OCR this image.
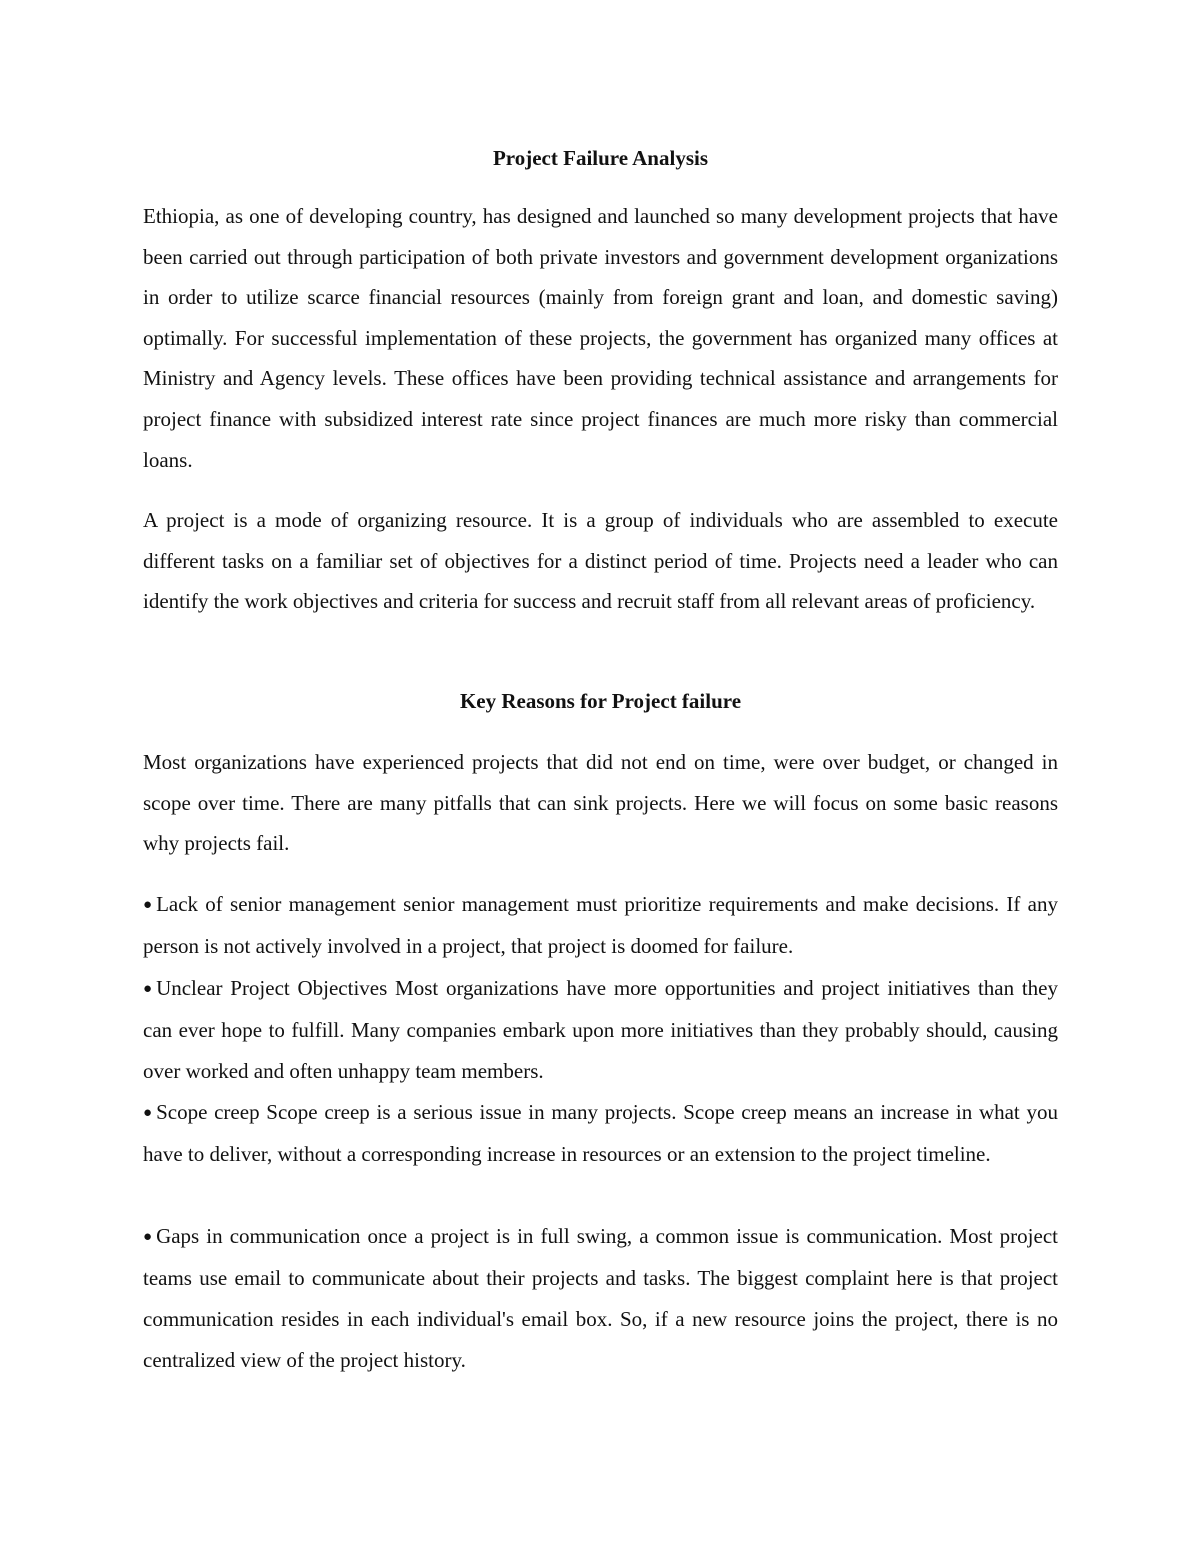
Project Failure Analysis

Ethiopia, as one of developing country, has designed and launched so many development projects that have been carried out through participation of both private investors and government development organizations in order to utilize scarce financial resources (mainly from foreign grant and loan, and domestic saving) optimally. For successful implementation of these projects, the government has organized many offices at Ministry and Agency levels. These offices have been providing technical assistance and arrangements for project finance with subsidized interest rate since project finances are much more risky than commercial loans.

A project is a mode of organizing resource. It is a group of individuals who are assembled to execute different tasks on a familiar set of objectives for a distinct period of time. Projects need a leader who can identify the work objectives and criteria for success and recruit staff from all relevant areas of proficiency.

Key Reasons for Project failure

Most organizations have experienced projects that did not end on time, were over budget, or changed in scope over time. There are many pitfalls that can sink projects. Here we will focus on some basic reasons why projects fail.

● Lack of senior management senior management must prioritize requirements and make decisions. If any person is not actively involved in a project, that project is doomed for failure.

● Unclear Project Objectives Most organizations have more opportunities and project initiatives than they can ever hope to fulfill. Many companies embark upon more initiatives than they probably should, causing over worked and often unhappy team members.

● Scope creep Scope creep is a serious issue in many projects. Scope creep means an increase in what you have to deliver, without a corresponding increase in resources or an extension to the project timeline.

● Gaps in communication once a project is in full swing, a common issue is communication. Most project teams use email to communicate about their projects and tasks. The biggest complaint here is that project communication resides in each individual's email box. So, if a new resource joins the project, there is no centralized view of the project history.
